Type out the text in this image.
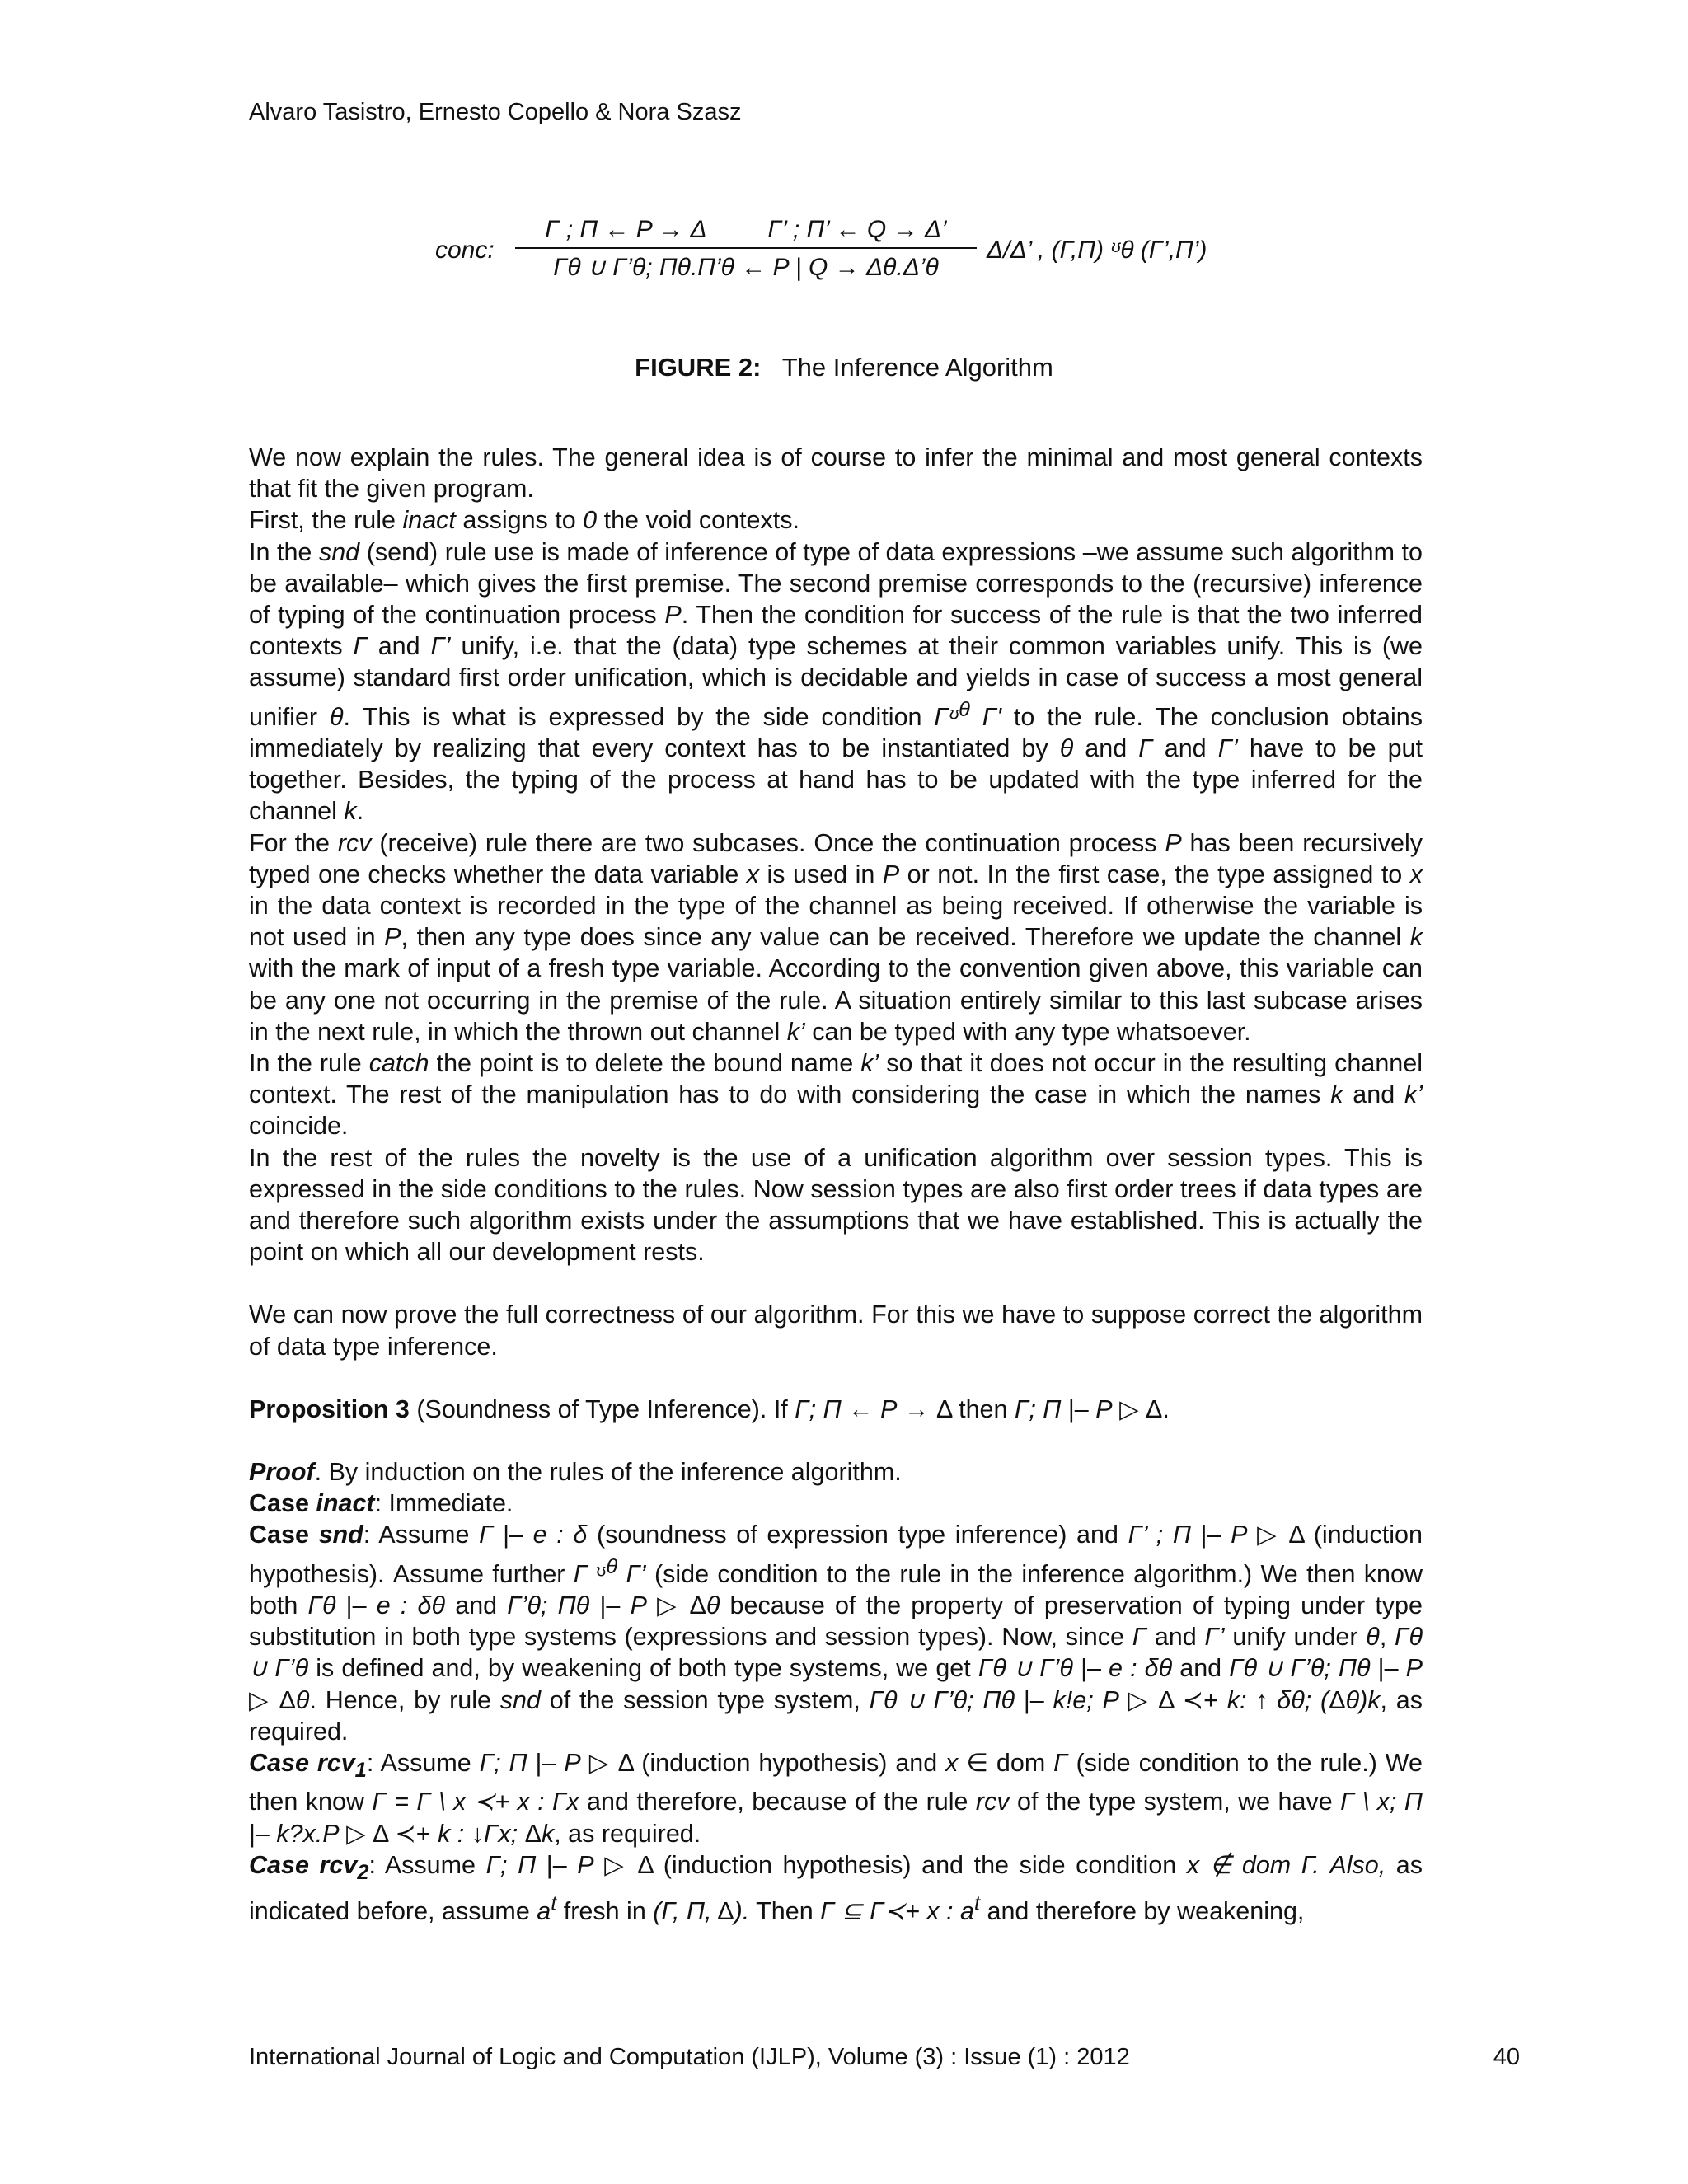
Alvaro Tasistro, Ernesto Copello & Nora Szasz
conc:
Γ ; Π ← P → Δ         Γ’ ; Π’ ← Q → Δ’
Γθ ∪ Γ’θ; Πθ.Π’θ ← P | Q → Δθ.Δ’θ
Δ/Δ’ , (Γ,Π) ᶷθ (Γ’,Π’)
FIGURE 2: The Inference Algorithm

We now explain the rules. The general idea is of course to infer the minimal and most general contexts that fit the given program.

First, the rule inact assigns to 0 the void contexts.

In the snd (send) rule use is made of inference of type of data expressions –we assume such algorithm to be available– which gives the first premise. The second premise corresponds to the (recursive) inference of typing of the continuation process P. Then the condition for success of the rule is that the two inferred contexts Γ and Γ’ unify, i.e. that the (data) type schemes at their common variables unify. This is (we assume) standard first order unification, which is decidable and yields in case of success a most general unifier θ. This is what is expressed by the side condition Γᶷ$^\theta$ Γ' to the rule. The conclusion obtains immediately by realizing that every context has to be instantiated by θ and Γ and Γ’ have to be put together. Besides, the typing of the process at hand has to be updated with the type inferred for the channel k.

For the rcv (receive) rule there are two subcases. Once the continuation process P has been recursively typed one checks whether the data variable x is used in P or not. In the first case, the type assigned to x in the data context is recorded in the type of the channel as being received. If otherwise the variable is not used in P, then any type does since any value can be received. Therefore we update the channel k with the mark of input of a fresh type variable. According to the convention given above, this variable can be any one not occurring in the premise of the rule. A situation entirely similar to this last subcase arises in the next rule, in which the thrown out channel k’ can be typed with any type whatsoever.

In the rule catch the point is to delete the bound name k’ so that it does not occur in the resulting channel context. The rest of the manipulation has to do with considering the case in which the names k and k’ coincide.

In the rest of the rules the novelty is the use of a unification algorithm over session types. This is expressed in the side conditions to the rules. Now session types are also first order trees if data types are and therefore such algorithm exists under the assumptions that we have established. This is actually the point on which all our development rests.

We can now prove the full correctness of our algorithm. For this we have to suppose correct the algorithm of data type inference.

Proposition 3 (Soundness of Type Inference). If Γ; Π ← P → Δ then Γ; Π |– P ▷ Δ.

Proof. By induction on the rules of the inference algorithm.

Case inact: Immediate.

Case snd: Assume Γ |– e : δ (soundness of expression type inference) and Γ’ ; Π |– P ▷ Δ (induction hypothesis). Assume further Γ ᶷ$^\theta$ Γ’ (side condition to the rule in the inference algorithm.) We then know both Γθ |– e : δθ and Γ’θ; Πθ |– P ▷ Δθ because of the property of preservation of typing under type substitution in both type systems (expressions and session types). Now, since Γ and Γ’ unify under θ, Γθ ∪ Γ’θ is defined and, by weakening of both type systems, we get Γθ ∪ Γ’θ |– e : δθ and Γθ ∪ Γ’θ; Πθ |– P ▷ Δθ. Hence, by rule snd of the session type system, Γθ ∪ Γ’θ; Πθ |– k!e; P ▷ Δ ≺+ k: ↑ δθ; (Δθ)k, as required.

Case rcv$_1$: Assume Γ; Π |– P ▷ Δ (induction hypothesis) and x ∈ dom Γ (side condition to the rule.) We then know Γ = Γ \ x ≺+ x : Γx and therefore, because of the rule rcv of the type system, we have Γ \ x; Π |– k?x.P ▷ Δ ≺+ k : ↓Γx; Δk, as required.

Case rcv$_2$: Assume Γ; Π |– P ▷ Δ (induction hypothesis) and the side condition x ∉ dom Γ. Also, as indicated before, assume $a^t$ fresh in (Γ, Π, Δ). Then Γ ⊆ Γ≺+ x : $a^t$ and therefore by weakening,

International Journal of Logic and Computation (IJLP), Volume (3) : Issue (1) : 2012	40
